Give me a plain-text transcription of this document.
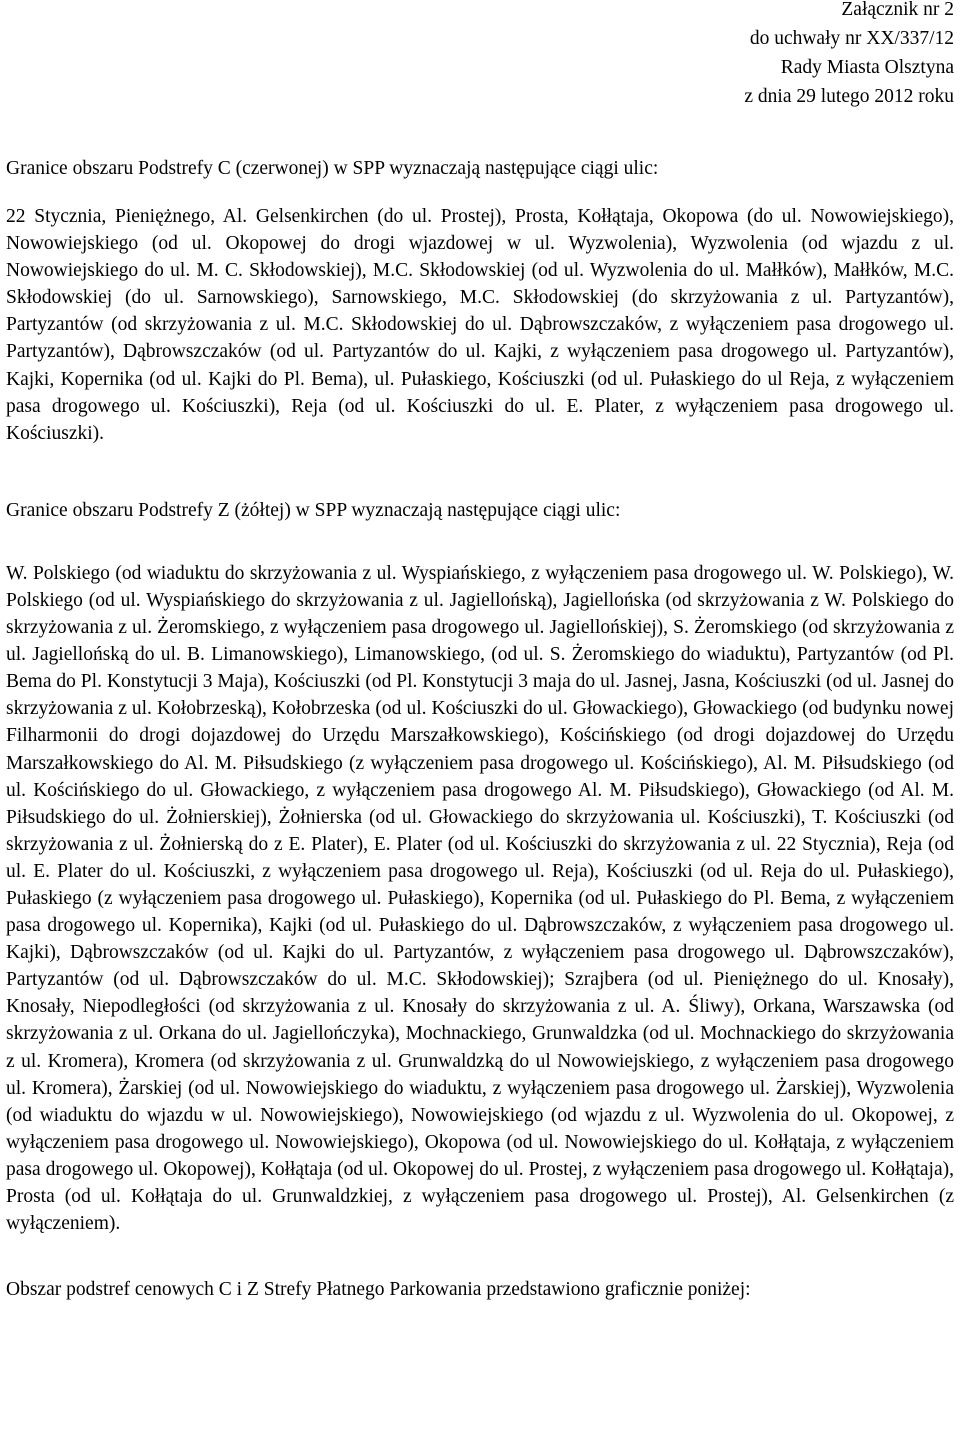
Załącznik nr 2
do uchwały nr XX/337/12
Rady Miasta Olsztyna
z dnia 29 lutego 2012 roku
Granice obszaru Podstrefy C (czerwonej) w SPP wyznaczają następujące ciągi ulic:
22 Stycznia, Pieniężnego, Al. Gelsenkirchen (do ul. Prostej), Prosta, Kołłątaja, Okopowa (do ul. Nowowiejskiego), Nowowiejskiego (od ul. Okopowej do drogi wjazdowej w ul. Wyzwolenia), Wyzwolenia (od wjazdu z ul. Nowowiejskiego do ul. M. C. Skłodowskiej), M.C. Skłodowskiej (od ul. Wyzwolenia do ul. Małłków), Małłków, M.C. Skłodowskiej (do ul. Sarnowskiego), Sarnowskiego, M.C. Skłodowskiej (do skrzyżowania z ul. Partyzantów), Partyzantów (od skrzyżowania z ul. M.C. Skłodowskiej do ul. Dąbrowszczaków, z wyłączeniem pasa drogowego ul. Partyzantów), Dąbrowszczaków (od ul. Partyzantów do ul. Kajki, z wyłączeniem pasa drogowego ul. Partyzantów), Kajki, Kopernika (od ul. Kajki do Pl. Bema), ul. Pułaskiego, Kościuszki (od ul. Pułaskiego do ul Reja, z wyłączeniem pasa drogowego ul. Kościuszki), Reja (od ul. Kościuszki do ul. E. Plater, z wyłączeniem pasa drogowego ul. Kościuszki).
Granice obszaru Podstrefy Z (żółtej) w SPP wyznaczają następujące ciągi ulic:
W. Polskiego (od wiaduktu do skrzyżowania z ul. Wyspiańskiego, z wyłączeniem pasa drogowego ul. W. Polskiego), W. Polskiego (od ul. Wyspiańskiego do skrzyżowania z ul. Jagiellońską), Jagiellońska (od skrzyżowania z W. Polskiego do skrzyżowania z ul. Żeromskiego, z wyłączeniem pasa drogowego ul. Jagiellońskiej), S. Żeromskiego (od skrzyżowania z ul. Jagiellońską do ul. B. Limanowskiego), Limanowskiego, (od ul. S. Żeromskiego do wiaduktu), Partyzantów (od Pl. Bema do Pl. Konstytucji 3 Maja), Kościuszki (od Pl. Konstytucji 3 maja do ul. Jasnej, Jasna, Kościuszki (od ul. Jasnej do skrzyżowania z ul. Kołobrzeską), Kołobrzeska (od ul. Kościuszki do ul. Głowackiego), Głowackiego (od budynku nowej Filharmonii do drogi dojazdowej do Urzędu Marszałkowskiego), Kościńskiego (od drogi dojazdowej do Urzędu Marszałkowskiego do Al. M. Piłsudskiego (z wyłączeniem pasa drogowego ul. Kościńskiego), Al. M. Piłsudskiego (od ul. Kościńskiego do ul. Głowackiego, z wyłączeniem pasa drogowego Al. M. Piłsudskiego), Głowackiego (od Al. M. Piłsudskiego do ul. Żołnierskiej), Żołnierska (od ul. Głowackiego do skrzyżowania ul. Kościuszki), T. Kościuszki (od skrzyżowania z ul. Żołnierską do z E. Plater), E. Plater (od ul. Kościuszki do skrzyżowania z ul. 22 Stycznia), Reja (od ul. E. Plater do ul. Kościuszki, z wyłączeniem pasa drogowego ul. Reja), Kościuszki (od ul. Reja do ul. Pułaskiego), Pułaskiego (z wyłączeniem pasa drogowego ul. Pułaskiego), Kopernika (od ul. Pułaskiego do Pl. Bema, z wyłączeniem pasa drogowego ul. Kopernika), Kajki (od ul. Pułaskiego do ul. Dąbrowszczaków, z wyłączeniem pasa drogowego ul. Kajki), Dąbrowszczaków (od ul. Kajki do ul. Partyzantów, z wyłączeniem pasa drogowego ul. Dąbrowszczaków), Partyzantów (od ul. Dąbrowszczaków do ul. M.C. Skłodowskiej); Szrajbera (od ul. Pieniężnego do ul. Knosały), Knosały, Niepodległości (od skrzyżowania z ul. Knosały do skrzyżowania z ul. A. Śliwy), Orkana, Warszawska (od skrzyżowania z ul. Orkana do ul. Jagiellończyka), Mochnackiego, Grunwaldzka (od ul. Mochnackiego do skrzyżowania z ul. Kromera), Kromera (od skrzyżowania z ul. Grunwaldzką do ul Nowowiejskiego, z wyłączeniem pasa drogowego ul. Kromera), Żarskiej (od ul. Nowowiejskiego do wiaduktu, z wyłączeniem pasa drogowego ul. Żarskiej), Wyzwolenia (od wiaduktu do wjazdu w ul. Nowowiejskiego), Nowowiejskiego (od wjazdu z ul. Wyzwolenia do ul. Okopowej, z wyłączeniem pasa drogowego ul. Nowowiejskiego), Okopowa (od ul. Nowowiejskiego do ul. Kołłątaja, z wyłączeniem pasa drogowego ul. Okopowej), Kołłątaja (od ul. Okopowej do ul. Prostej, z wyłączeniem pasa drogowego ul. Kołłątaja), Prosta (od ul. Kołłątaja do ul. Grunwaldzkiej, z wyłączeniem pasa drogowego ul. Prostej), Al. Gelsenkirchen (z wyłączeniem).
Obszar podstref cenowych C i Z Strefy Płatnego Parkowania przedstawiono graficznie poniżej:
